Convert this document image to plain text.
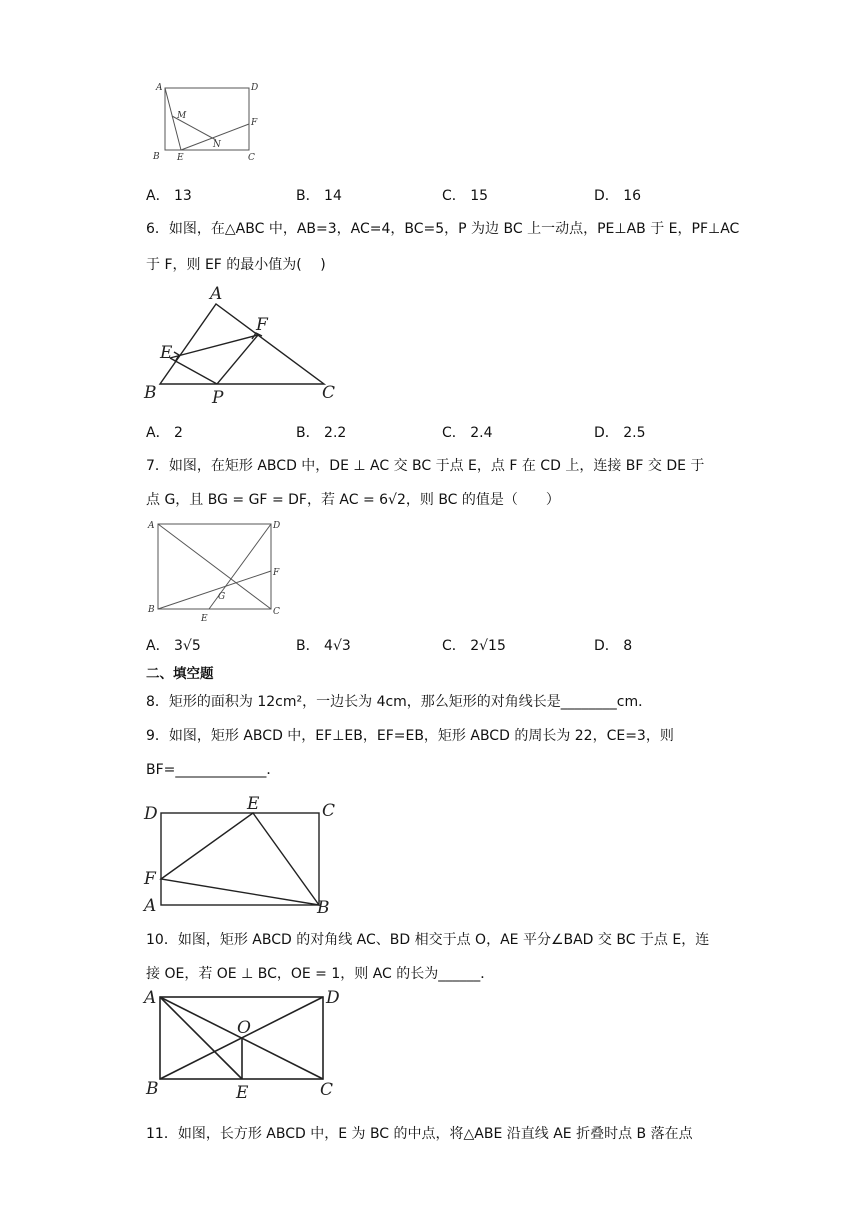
A	D
M
F
B E
N
C
A． 13	B． 14	C． 15	D． 16
6．如图，在△ABC 中，AB=3，AC=4，BC=5，P 为边 BC 上一动点，PE⊥AB 于 E，PF⊥AC
于 F，则 EF 的最小值为(　 )
A
F
E
B	P	C
A． 2	B． 2.2	C． 2.4	D． 2.5
7．如图，在矩形 ABCD 中，DE ⊥ AC 交 BC 于点 E，点 F 在 CD 上，连接 BF 交 DE 于
点 G，且 BG = GF = DF，若 AC = 6√2，则 BC 的值是（　　）
A	D
F
G
B
E
C
A． 3√5	B． 4√3	C． 2√15	D． 8
二、填空题
8．矩形的面积为 12cm²，一边长为 4cm，那么矩形的对角线长是________cm．
9．如图，矩形 ABCD 中，EF⊥EB，EF=EB，矩形 ABCD 的周长为 22，CE=3，则
BF=_____________．
D	E	C
F
A	B
10．如图，矩形 ABCD 的对角线 AC、BD 相交于点 O，AE 平分∠BAD 交 BC 于点 E，连
接 OE，若 OE ⊥ BC，OE = 1，则 AC 的长为______．
A	D
O
B	E	C
11．如图，长方形 ABCD 中，E 为 BC 的中点，将△ABE 沿直线 AE 折叠时点 B 落在点
